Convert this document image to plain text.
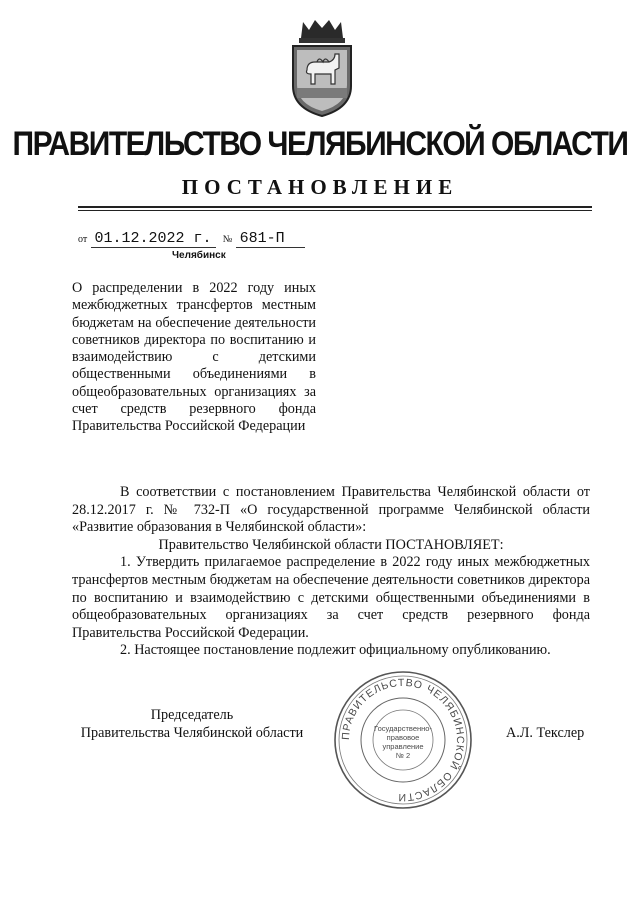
ПРАВИТЕЛЬСТВО ЧЕЛЯБИНСКОЙ ОБЛАСТИ
ПОСТАНОВЛЕНИЕ
от 01.12.2022 г. № 681-П
Челябинск
О распределении в 2022 году иных межбюджетных трансфертов местным бюджетам на обеспечение деятельности советников директора по воспитанию и взаимодействию с детскими общественными объединениями в общеобразовательных организациях за счет средств резервного фонда Правительства Российской Федерации

В соответствии с постановлением Правительства Челябинской области от 28.12.2017 г. № 732-П «О государственной программе Челябинской области «Развитие образования в Челябинской области»:

Правительство Челябинской области ПОСТАНОВЛЯЕТ:

1. Утвердить прилагаемое распределение в 2022 году иных межбюджетных трансфертов местным бюджетам на обеспечение деятельности советников директора по воспитанию и взаимодействию с детскими общественными объединениями в общеобразовательных организациях за счет средств резервного фонда Правительства Российской Федерации.

2. Настоящее постановление подлежит официальному опубликованию.

Председатель
Правительства Челябинской области	А.Л. Текслер
ПРАВИТЕЛЬСТВО ЧЕЛЯБИНСКОЙ ОБЛАСТИ
Государственно-
правовое
управление
№ 2
